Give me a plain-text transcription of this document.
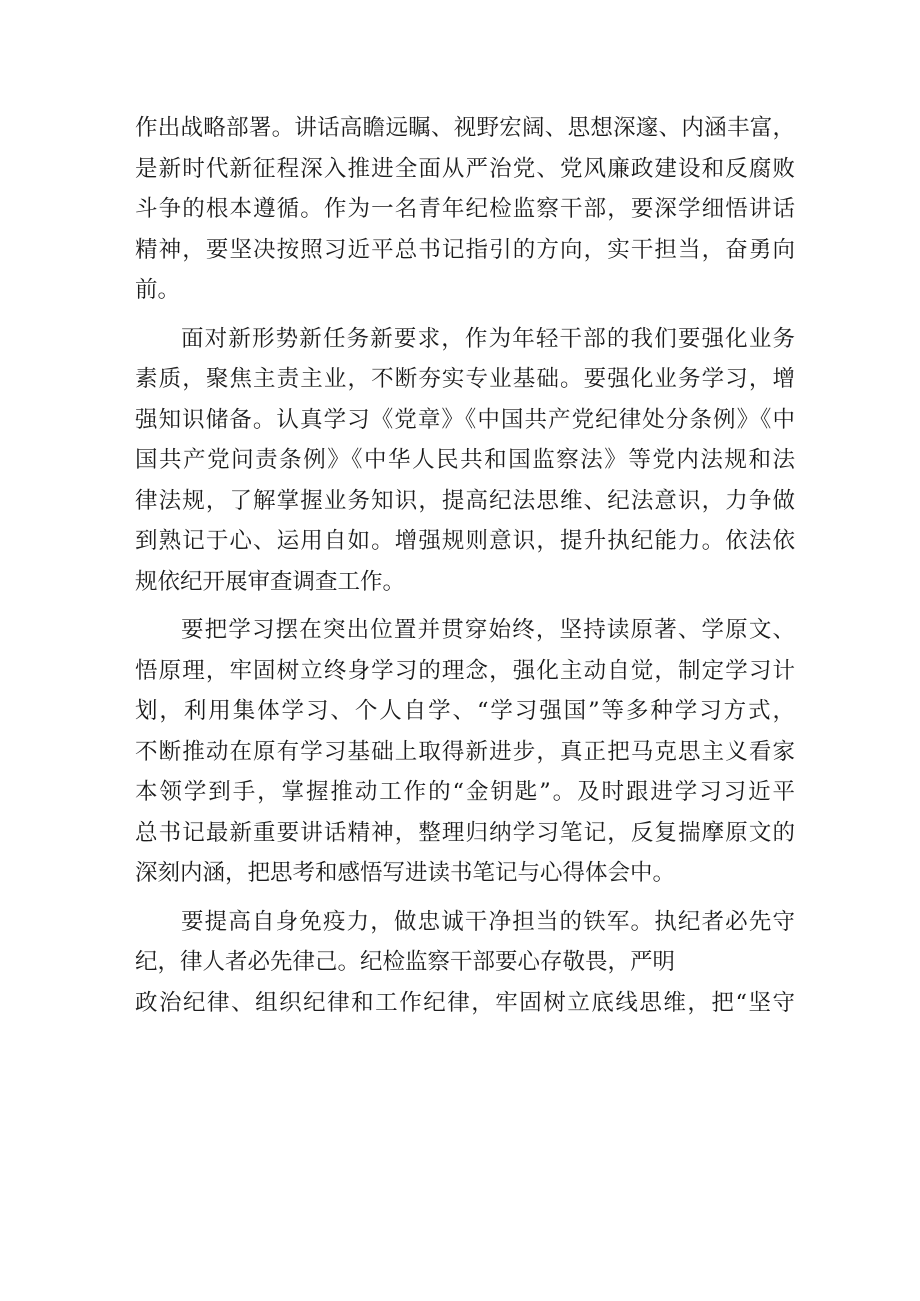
作出战略部署。讲话高瞻远瞩、视野宏阔、思想深邃、内涵丰富，
是新时代新征程深入推进全面从严治党、党风廉政建设和反腐败
斗争的根本遵循。作为一名青年纪检监察干部，要深学细悟讲话
精神，要坚决按照习近平总书记指引的方向，实干担当，奋勇向
前。
面对新形势新任务新要求，作为年轻干部的我们要强化业务
素质，聚焦主责主业，不断夯实专业基础。要强化业务学习，增
强知识储备。认真学习《党章》《中国共产党纪律处分条例》《中
国共产党问责条例》《中华人民共和国监察法》等党内法规和法
律法规，了解掌握业务知识，提高纪法思维、纪法意识，力争做
到熟记于心、运用自如。增强规则意识，提升执纪能力。依法依
规依纪开展审查调查工作。
要把学习摆在突出位置并贯穿始终，坚持读原著、学原文、
悟原理，牢固树立终身学习的理念，强化主动自觉，制定学习计
划，利用集体学习、个人自学、“学习强国”等多种学习方式，
不断推动在原有学习基础上取得新进步，真正把马克思主义看家
本领学到手，掌握推动工作的“金钥匙”。及时跟进学习习近平
总书记最新重要讲话精神，整理归纳学习笔记，反复揣摩原文的
深刻内涵，把思考和感悟写进读书笔记与心得体会中。
要提高自身免疫力，做忠诚干净担当的铁军。执纪者必先守
纪，律人者必先律己。纪检监察干部要心存敬畏，严明
政治纪律、组织纪律和工作纪律，牢固树立底线思维，把“坚守
